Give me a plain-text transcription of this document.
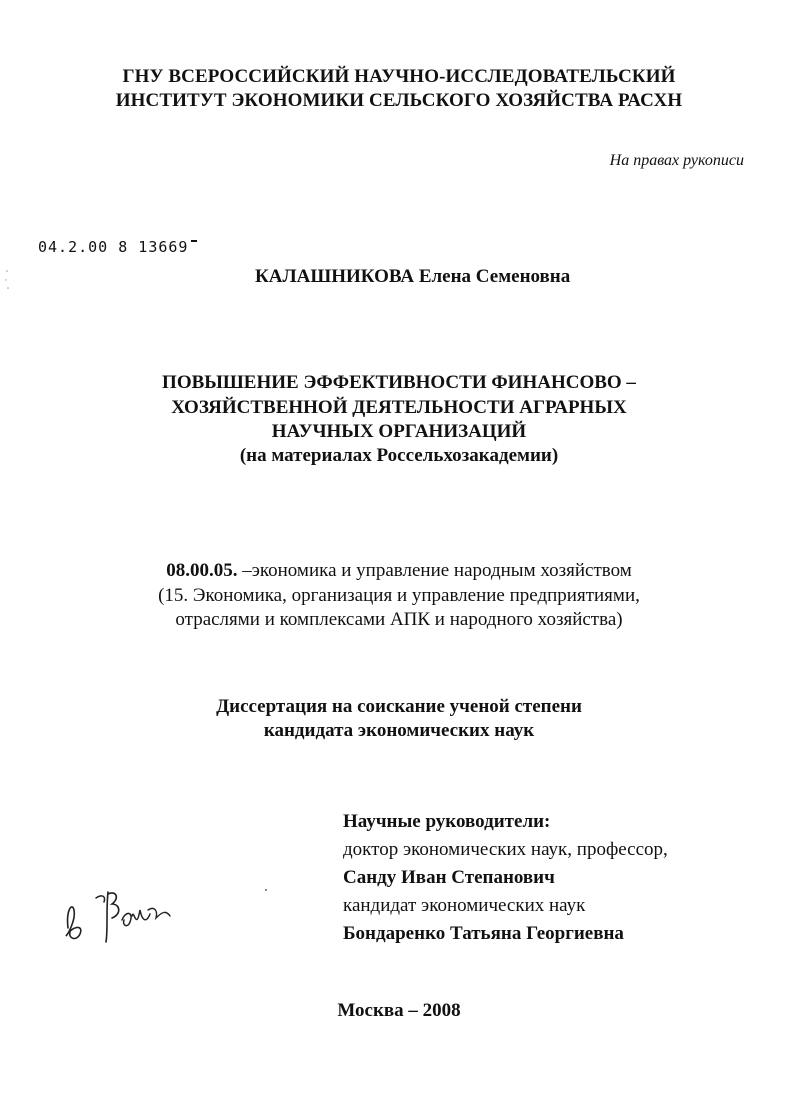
ГНУ ВСЕРОССИЙСКИЙ НАУЧНО-ИССЛЕДОВАТЕЛЬСКИЙ
ИНСТИТУТ ЭКОНОМИКИ СЕЛЬСКОГО ХОЗЯЙСТВА РАСХН
На правах рукописи
04.2.00 8 13669
КАЛАШНИКОВА Елена Семеновна
ПОВЫШЕНИЕ ЭФФЕКТИВНОСТИ ФИНАНСОВО –
ХОЗЯЙСТВЕННОЙ ДЕЯТЕЛЬНОСТИ АГРАРНЫХ
НАУЧНЫХ ОРГАНИЗАЦИЙ
(на материалах Россельхозакадемии)
08.00.05. –экономика и управление народным хозяйством
(15. Экономика, организация и управление предприятиями,
отраслями и комплексами АПК и народного хозяйства)
Диссертация на соискание ученой степени
кандидата экономических наук
Научные руководители:
доктор экономических наук, профессор,
Санду Иван Степанович
кандидат экономических наук
Бондаренко Татьяна Георгиевна
Москва – 2008
